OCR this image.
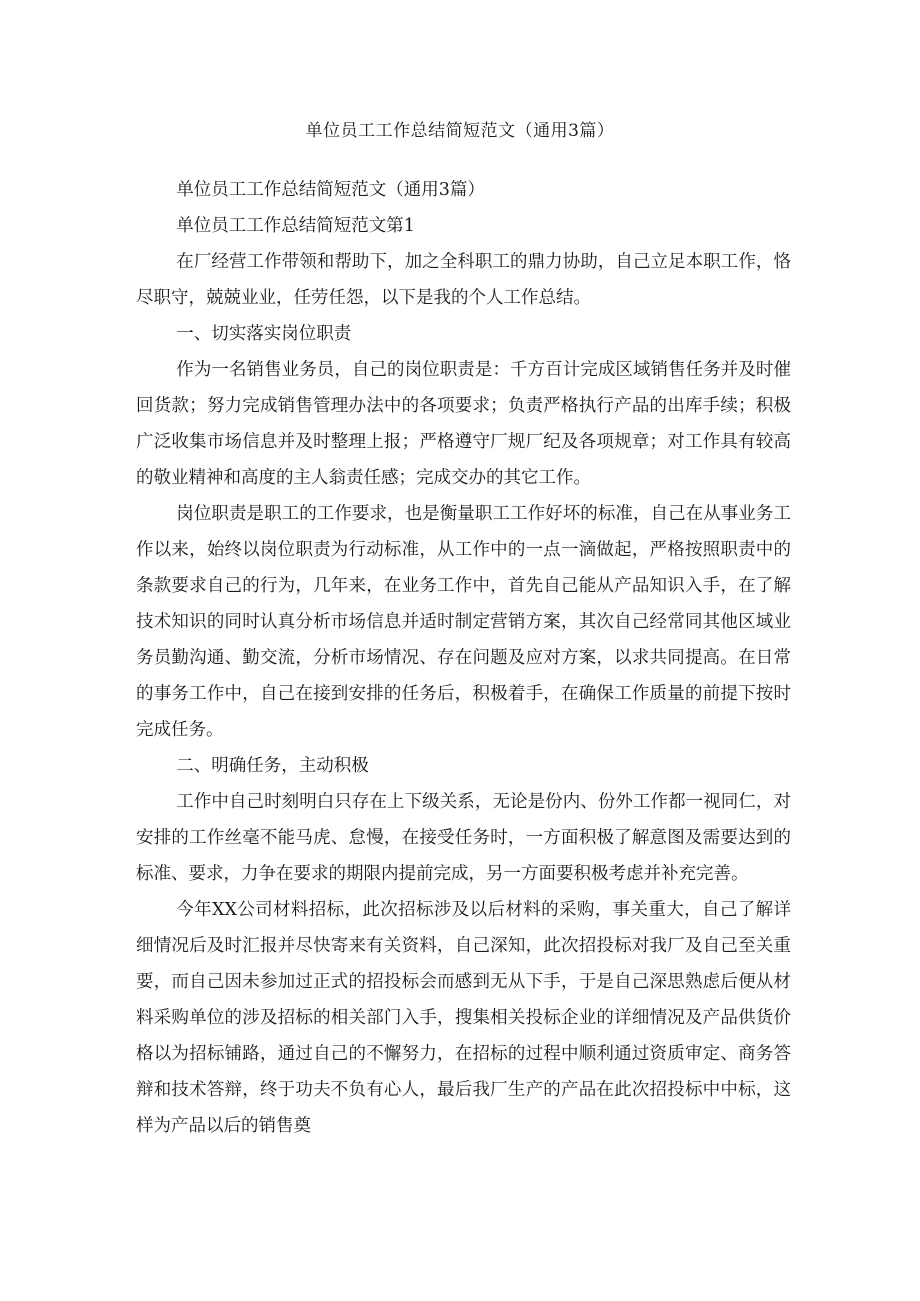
单位员工工作总结简短范文（通用3篇）

单位员工工作总结简短范文（通用3篇）

单位员工工作总结简短范文第1

在厂经营工作带领和帮助下，加之全科职工的鼎力协助，自己立足本职工作，恪尽职守，兢兢业业，任劳任怨，以下是我的个人工作总结。

一、切实落实岗位职责

作为一名销售业务员，自己的岗位职责是：千方百计完成区域销售任务并及时催回货款；努力完成销售管理办法中的各项要求；负责严格执行产品的出库手续；积极广泛收集市场信息并及时整理上报；严格遵守厂规厂纪及各项规章；对工作具有较高的敬业精神和高度的主人翁责任感；完成交办的其它工作。

岗位职责是职工的工作要求，也是衡量职工工作好坏的标准，自己在从事业务工作以来，始终以岗位职责为行动标准，从工作中的一点一滴做起，严格按照职责中的条款要求自己的行为，几年来，在业务工作中，首先自己能从产品知识入手，在了解技术知识的同时认真分析市场信息并适时制定营销方案，其次自己经常同其他区域业务员勤沟通、勤交流，分析市场情况、存在问题及应对方案，以求共同提高。在日常的事务工作中，自己在接到安排的任务后，积极着手，在确保工作质量的前提下按时完成任务。

二、明确任务，主动积极

工作中自己时刻明白只存在上下级关系，无论是份内、份外工作都一视同仁，对安排的工作丝毫不能马虎、怠慢，在接受任务时，一方面积极了解意图及需要达到的标准、要求，力争在要求的期限内提前完成，另一方面要积极考虑并补充完善。

今年XX公司材料招标，此次招标涉及以后材料的采购，事关重大，自己了解详细情况后及时汇报并尽快寄来有关资料，自己深知，此次招投标对我厂及自己至关重要，而自己因未参加过正式的招投标会而感到无从下手，于是自己深思熟虑后便从材料采购单位的涉及招标的相关部门入手，搜集相关投标企业的详细情况及产品供货价格以为招标铺路，通过自己的不懈努力，在招标的过程中顺利通过资质审定、商务答辩和技术答辩，终于功夫不负有心人，最后我厂生产的产品在此次招投标中中标，这样为产品以后的销售奠
